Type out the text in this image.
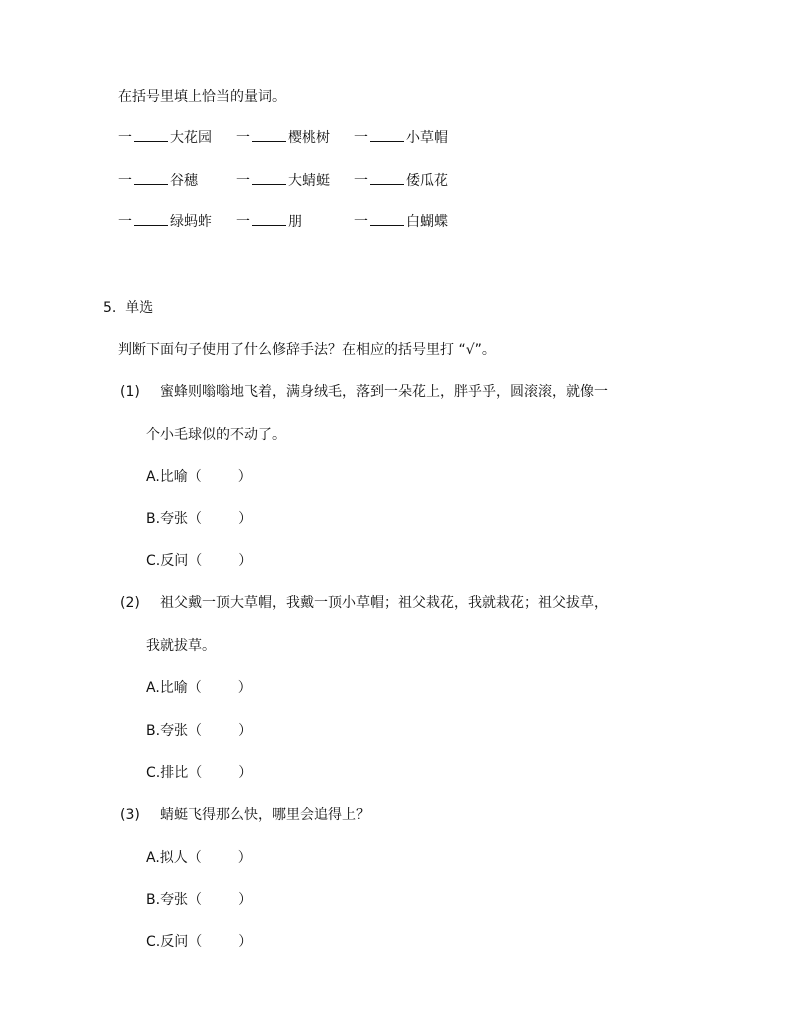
在括号里填上恰当的量词。
一	大花园 一	樱桃树 一	小草帽
一	谷穗	一	大蜻蜓 一	倭瓜花
一	绿蚂蚱 一	朋	一	白蝴蝶
5. 单选
判断下面句子使用了什么修辞手法？在相应的括号里打 “√”。
(1) 蜜蜂则嗡嗡地飞着，满身绒毛，落到一朵花上，胖乎乎，圆滚滚，就像一
个小毛球似的不动了。
A.比喻（	）
B.夸张（	）
C.反问（	）
(2) 祖父戴一顶大草帽，我戴一顶小草帽；祖父栽花，我就栽花；祖父拔草，
我就拔草。
A.比喻（	）
B.夸张（	）
C.排比（	）
(3) 蜻蜓飞得那么快，哪里会追得上？
A.拟人（	）
B.夸张（	）
C.反问（	）
